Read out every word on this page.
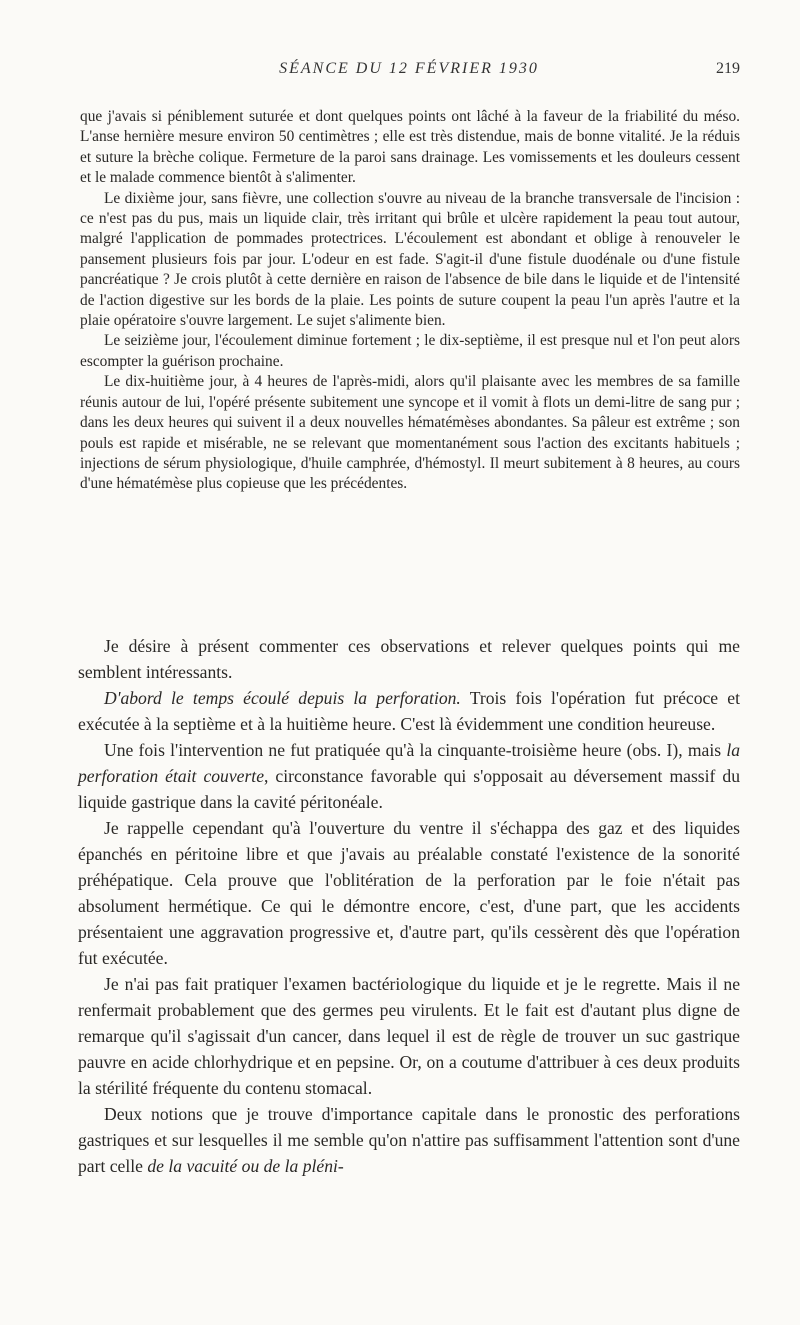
SÉANCE DU 12 FÉVRIER 1930	219

que j'avais si péniblement suturée et dont quelques points ont lâché à la faveur de la friabilité du méso. L'anse hernière mesure environ 50 centimètres ; elle est très distendue, mais de bonne vitalité. Je la réduis et suture la brèche colique. Fermeture de la paroi sans drainage. Les vomissements et les douleurs cessent et le malade commence bientôt à s'alimenter.

Le dixième jour, sans fièvre, une collection s'ouvre au niveau de la branche transversale de l'incision : ce n'est pas du pus, mais un liquide clair, très irritant qui brûle et ulcère rapidement la peau tout autour, malgré l'application de pommades protectrices. L'écoulement est abondant et oblige à renouveler le pansement plusieurs fois par jour. L'odeur en est fade. S'agit-il d'une fistule duodénale ou d'une fistule pancréatique ? Je crois plutôt à cette dernière en raison de l'absence de bile dans le liquide et de l'intensité de l'action digestive sur les bords de la plaie. Les points de suture coupent la peau l'un après l'autre et la plaie opératoire s'ouvre largement. Le sujet s'alimente bien.

Le seizième jour, l'écoulement diminue fortement ; le dix-septième, il est presque nul et l'on peut alors escompter la guérison prochaine.

Le dix-huitième jour, à 4 heures de l'après-midi, alors qu'il plaisante avec les membres de sa famille réunis autour de lui, l'opéré présente subitement une syncope et il vomit à flots un demi-litre de sang pur ; dans les deux heures qui suivent il a deux nouvelles hématémèses abondantes. Sa pâleur est extrême ; son pouls est rapide et misérable, ne se relevant que momentanément sous l'action des excitants habituels ; injections de sérum physiologique, d'huile camphrée, d'hémostyl. Il meurt subitement à 8 heures, au cours d'une hématémèse plus copieuse que les précédentes.

Je désire à présent commenter ces observations et relever quelques points qui me semblent intéressants.

D'abord le temps écoulé depuis la perforation. Trois fois l'opération fut précoce et exécutée à la septième et à la huitième heure. C'est là évidemment une condition heureuse.

Une fois l'intervention ne fut pratiquée qu'à la cinquante-troisième heure (obs. I), mais la perforation était couverte, circonstance favorable qui s'opposait au déversement massif du liquide gastrique dans la cavité péritonéale.

Je rappelle cependant qu'à l'ouverture du ventre il s'échappa des gaz et des liquides épanchés en péritoine libre et que j'avais au préalable constaté l'existence de la sonorité préhépatique. Cela prouve que l'oblitération de la perforation par le foie n'était pas absolument hermétique. Ce qui le démontre encore, c'est, d'une part, que les accidents présentaient une aggravation progressive et, d'autre part, qu'ils cessèrent dès que l'opération fut exécutée.

Je n'ai pas fait pratiquer l'examen bactériologique du liquide et je le regrette. Mais il ne renfermait probablement que des germes peu virulents. Et le fait est d'autant plus digne de remarque qu'il s'agissait d'un cancer, dans lequel il est de règle de trouver un suc gastrique pauvre en acide chlorhydrique et en pepsine. Or, on a coutume d'attribuer à ces deux produits la stérilité fréquente du contenu stomacal.

Deux notions que je trouve d'importance capitale dans le pronostic des perforations gastriques et sur lesquelles il me semble qu'on n'attire pas suffisamment l'attention sont d'une part celle de la vacuité ou de la pléni-
